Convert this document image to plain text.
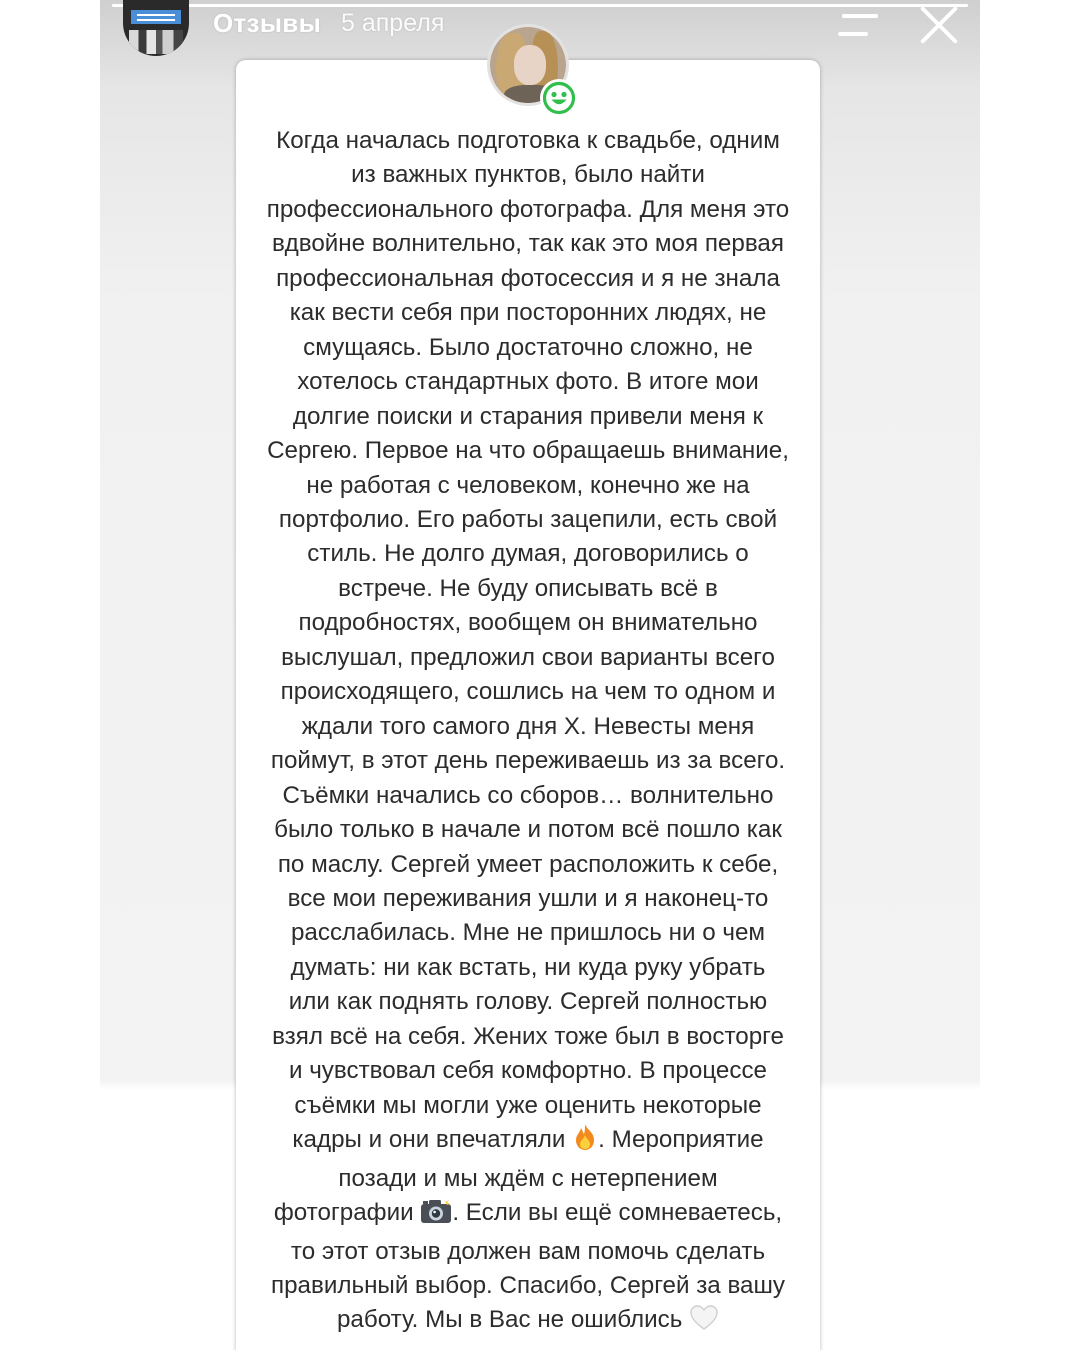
Отзывы 5 апреля
Когда началась подготовка к свадьбе, одним
из важных пунктов, было найти
профессионального фотографа. Для меня это
вдвойне волнительно, так как это моя первая
профессиональная фотосессия и я не знала
как вести себя при посторонних людях, не
смущаясь. Было достаточно сложно, не
хотелось стандартных фото. В итоге мои
долгие поиски и старания привели меня к
Сергею. Первое на что обращаешь внимание,
не работая с человеком, конечно же на
портфолио. Его работы зацепили, есть свой
стиль. Не долго думая, договорились о
встрече. Не буду описывать всё в
подробностях, вообщем он внимательно
выслушал, предложил свои варианты всего
происходящего, сошлись на чем то одном и
ждали того самого дня Х. Невесты меня
поймут, в этот день переживаешь из за всего.
Съёмки начались со сборов… волнительно
было только в начале и потом всё пошло как
по маслу. Сергей умеет расположить к себе,
все мои переживания ушли и я наконец-то
расслабилась. Мне не пришлось ни о чем
думать: ни как встать, ни куда руку убрать
или как поднять голову. Сергей полностью
взял всё на себя. Жених тоже был в восторге
и чувствовал себя комфортно. В процессе
съёмки мы могли уже оценить некоторые
кадры и они впечатляли . Мероприятие
позади и мы ждём с нетерпением
фотографии . Если вы ещё сомневаетесь,
то этот отзыв должен вам помочь сделать
правильный выбор. Спасибо, Сергей за вашу
работу. Мы в Вас не ошиблись
